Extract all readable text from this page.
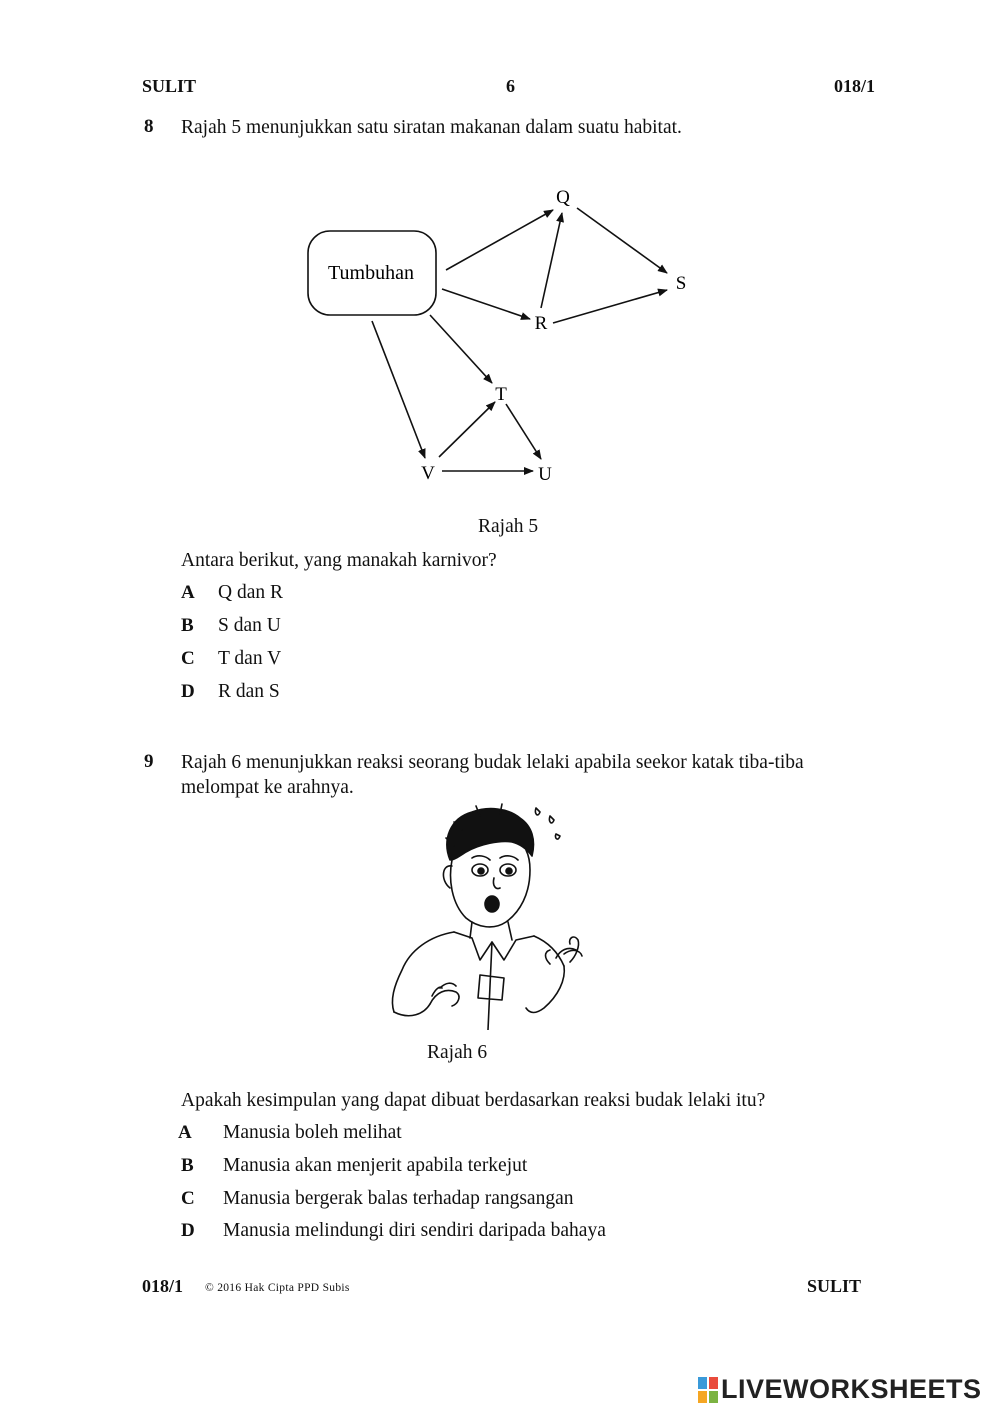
SULIT	6	018/1
8 Rajah 5 menunjukkan satu siratan makanan dalam suatu habitat.
Tumbuhan
Q
R
S
T
U
V
Rajah 5
Antara berikut, yang manakah karnivor?
A	Q dan R
B	S dan U
C	T dan V
D	R dan S
9 Rajah 6 menunjukkan reaksi seorang budak lelaki apabila seekor katak tiba-tiba
melompat ke arahnya.
Rajah 6
Apakah kesimpulan yang dapat dibuat berdasarkan reaksi budak lelaki itu?
A	Manusia boleh melihat
B	Manusia akan menjerit apabila terkejut
C	Manusia bergerak balas terhadap rangsangan
D	Manusia melindungi diri sendiri daripada bahaya
018/1 © 2016 Hak Cipta PPD Subis	SULIT
LIVEWORKSHEETS
